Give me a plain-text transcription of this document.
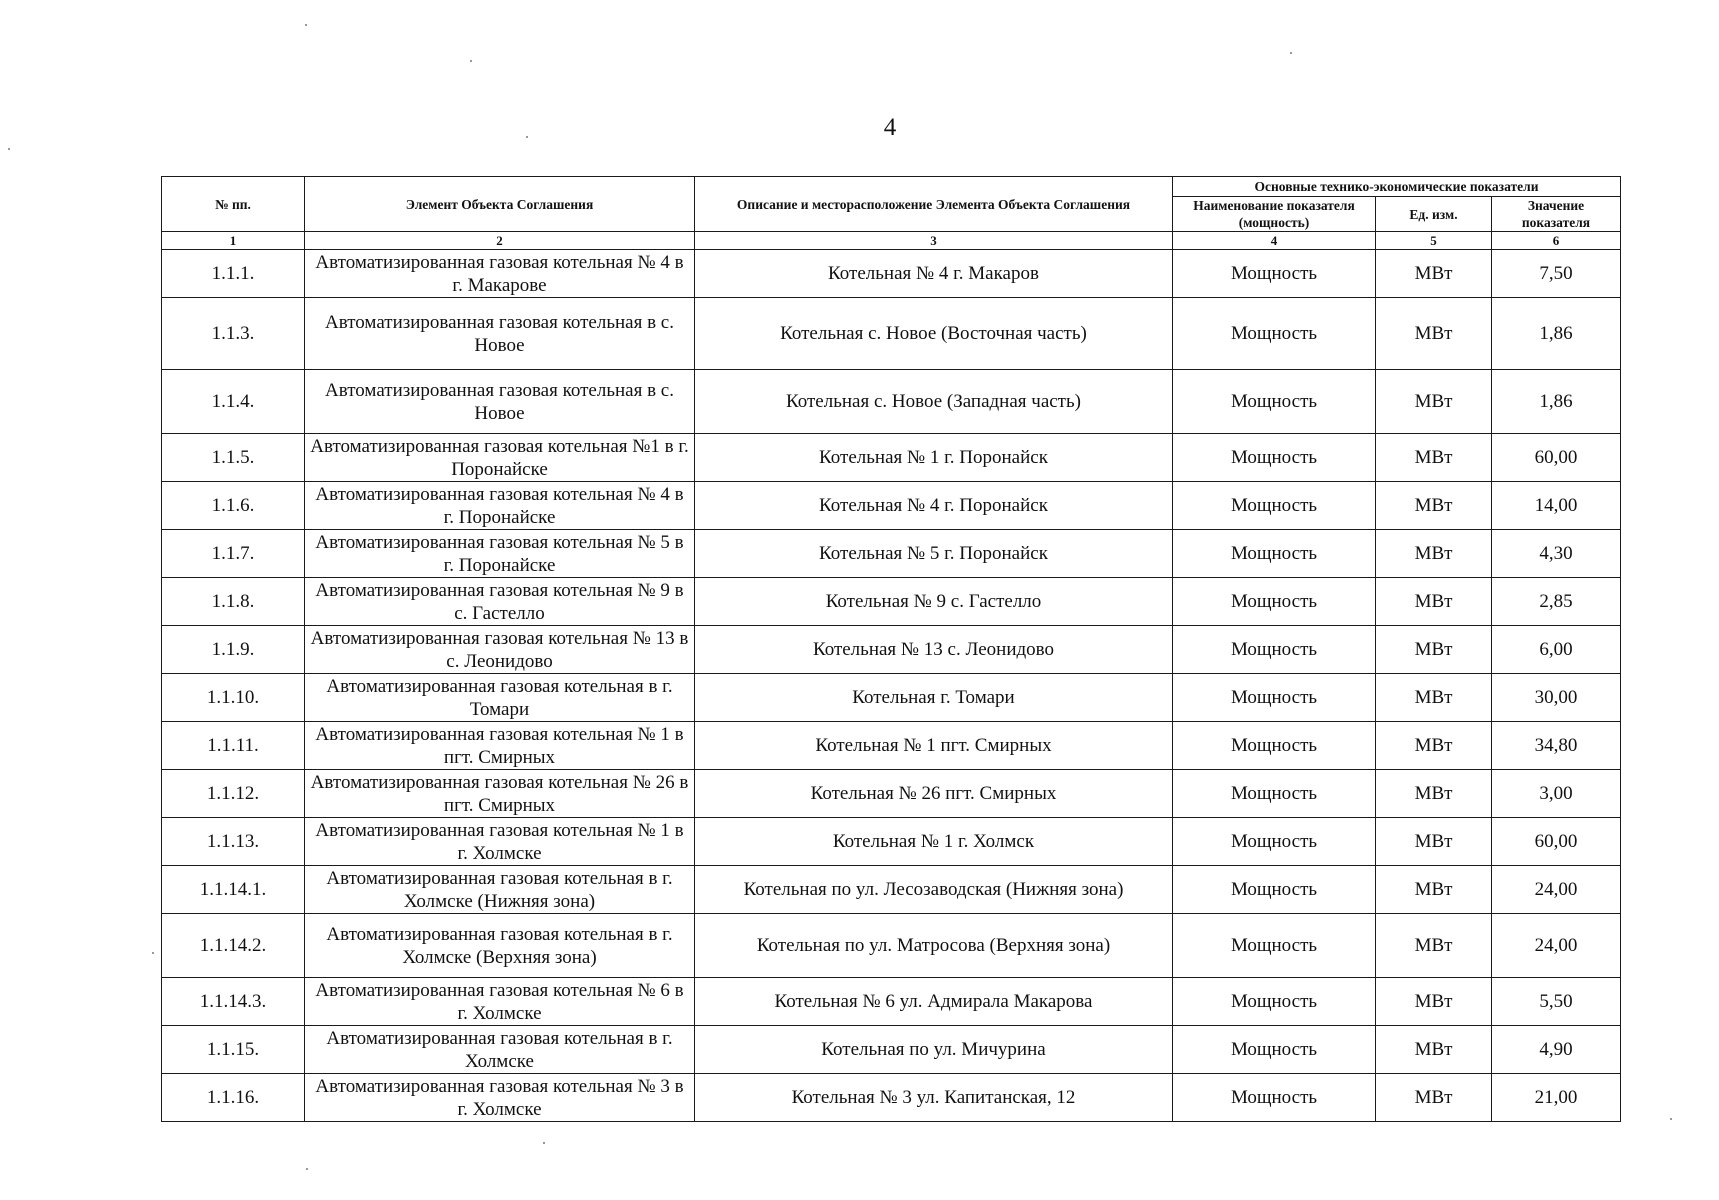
4
№ пп.	Элемент Объекта Соглашения	Описание и месторасположение Элемента Объекта Соглашения	Основные технико-экономические показатели		
			Наименование показателя (мощность)	Ед. изм.	Значение показателя
1	2	3	4	5	6
1.1.1.	Автоматизированная газовая котельная № 4 в г. Макарове	Котельная № 4 г. Макаров	Мощность	МВт	7,50
1.1.3.	Автоматизированная газовая котельная в с. Новое	Котельная с. Новое (Восточная часть)	Мощность	МВт	1,86
1.1.4.	Автоматизированная газовая котельная в с. Новое	Котельная с. Новое (Западная часть)	Мощность	МВт	1,86
1.1.5.	Автоматизированная газовая котельная №1 в г. Поронайске	Котельная № 1 г. Поронайск	Мощность	МВт	60,00
1.1.6.	Автоматизированная газовая котельная № 4 в г. Поронайске	Котельная № 4 г. Поронайск	Мощность	МВт	14,00
1.1.7.	Автоматизированная газовая котельная № 5 в г. Поронайске	Котельная № 5 г. Поронайск	Мощность	МВт	4,30
1.1.8.	Автоматизированная газовая котельная № 9 в с. Гастелло	Котельная № 9 с. Гастелло	Мощность	МВт	2,85
1.1.9.	Автоматизированная газовая котельная № 13 в с. Леонидово	Котельная № 13 с. Леонидово	Мощность	МВт	6,00
1.1.10.	Автоматизированная газовая котельная в г. Томари	Котельная г. Томари	Мощность	МВт	30,00
1.1.11.	Автоматизированная газовая котельная № 1 в пгт. Смирных	Котельная № 1 пгт. Смирных	Мощность	МВт	34,80
1.1.12.	Автоматизированная газовая котельная № 26 в пгт. Смирных	Котельная № 26 пгт. Смирных	Мощность	МВт	3,00
1.1.13.	Автоматизированная газовая котельная № 1 в г. Холмске	Котельная № 1 г. Холмск	Мощность	МВт	60,00
1.1.14.1.	Автоматизированная газовая котельная в г. Холмске (Нижняя зона)	Котельная по ул. Лесозаводская (Нижняя зона)	Мощность	МВт	24,00
1.1.14.2.	Автоматизированная газовая котельная в г. Холмске (Верхняя зона)	Котельная по ул. Матросова (Верхняя зона)	Мощность	МВт	24,00
1.1.14.3.	Автоматизированная газовая котельная № 6 в г. Холмске	Котельная № 6 ул. Адмирала Макарова	Мощность	МВт	5,50
1.1.15.	Автоматизированная газовая котельная в г. Холмске	Котельная по ул. Мичурина	Мощность	МВт	4,90
1.1.16.	Автоматизированная газовая котельная № 3 в г. Холмске	Котельная № 3 ул. Капитанская, 12	Мощность	МВт	21,00
